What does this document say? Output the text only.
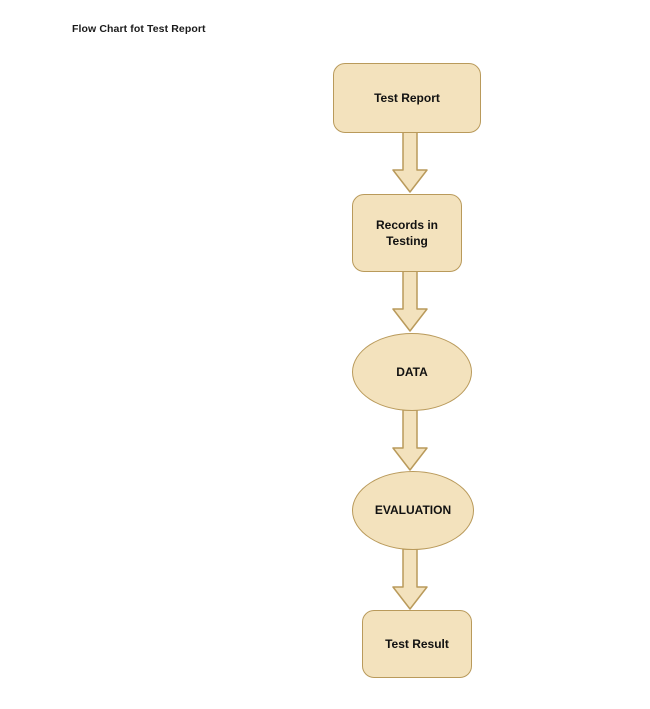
Flow Chart fot Test Report
Test Report
Records in Testing
DATA
EVALUATION
Test Result
